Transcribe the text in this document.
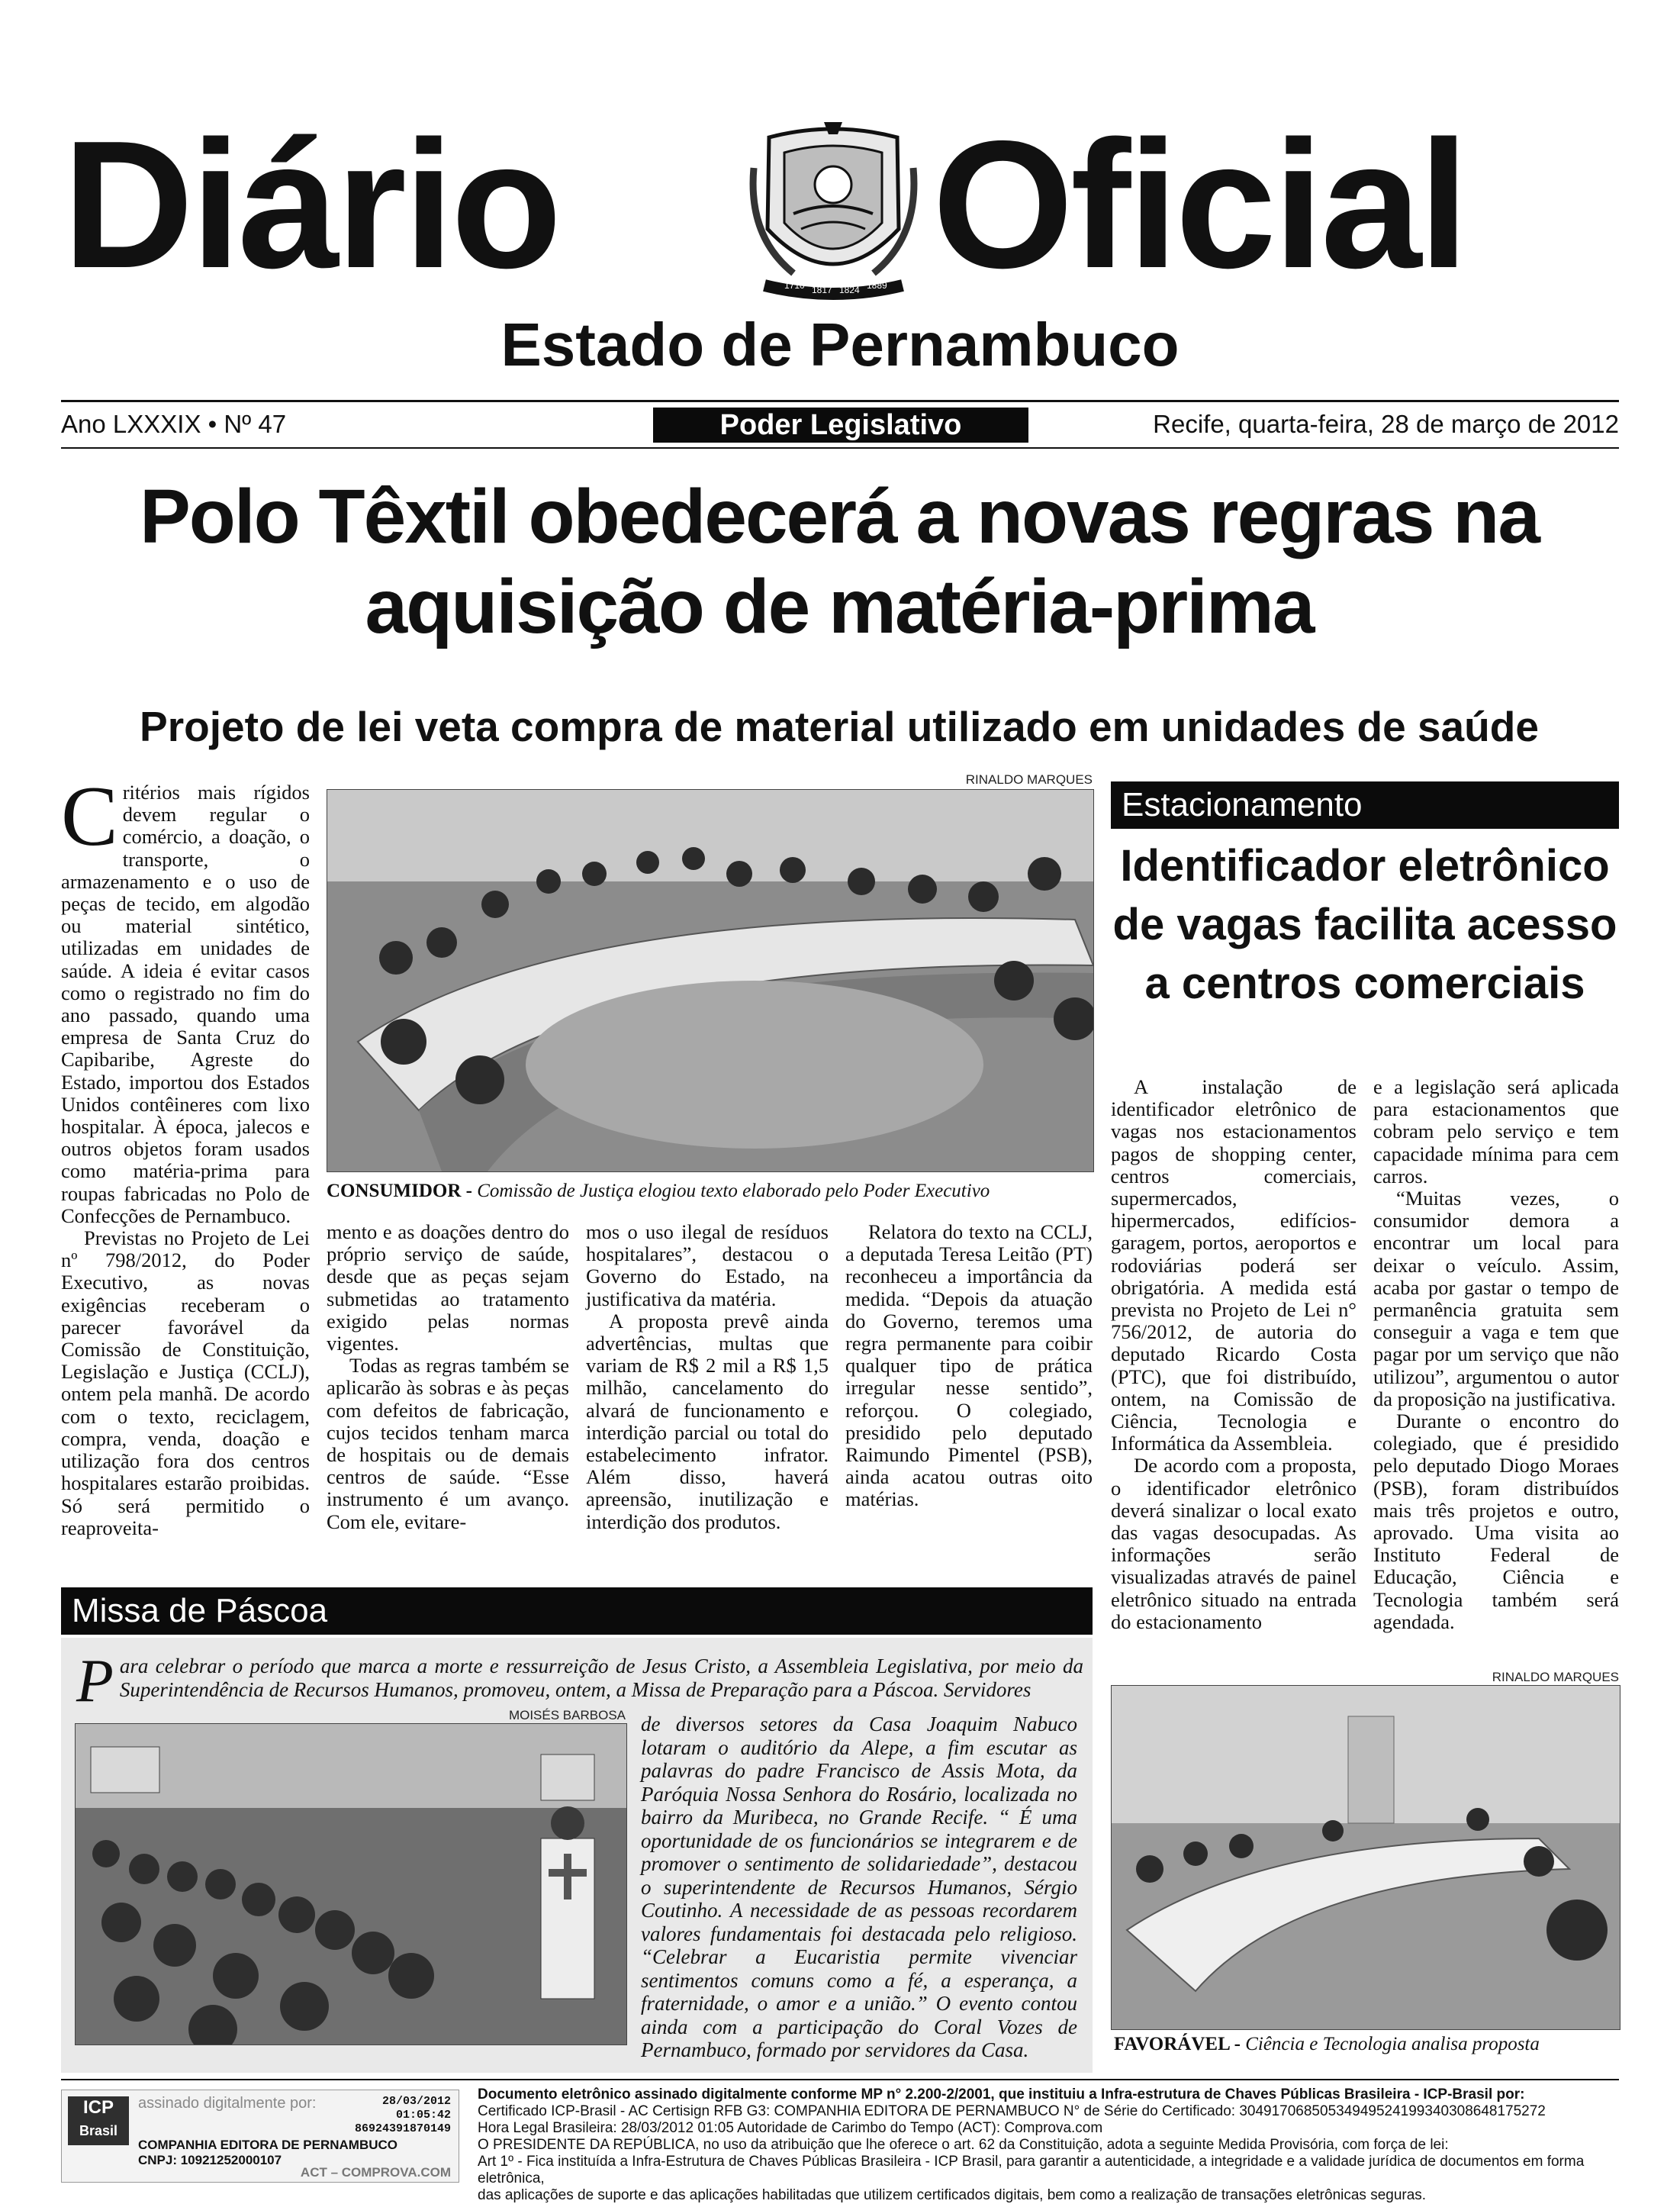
Diário Oficial
1710 1817 1824 1889
Estado de Pernambuco
Ano LXXXIX • Nº 47	Poder Legislativo	Recife, quarta-feira, 28 de março de 2012
Polo Têxtil obedecerá a novas regras na aquisição de matéria-prima
Projeto de lei veta compra de material utilizado em unidades de saúde

Critérios mais rígidos devem regular o comércio, a doação, o transporte, o armazenamento e o uso de peças de tecido, em algodão ou material sintético, utilizadas em unidades de saúde. A ideia é evitar casos como o registrado no fim do ano passado, quando uma empresa de Santa Cruz do Capibaribe, Agreste do Estado, importou dos Estados Unidos contêineres com lixo hospitalar. À época, jalecos e outros objetos foram usados como matéria-prima para roupas fabricadas no Polo de Confecções de Pernambuco.

Previstas no Projeto de Lei nº 798/2012, do Poder Executivo, as novas exigências receberam o parecer favorável da Comissão de Constituição, Legislação e Justiça (CCLJ), ontem pela manhã. De acordo com o texto, reciclagem, compra, venda, doação e utilização fora dos centros hospitalares estarão proibidas. Só será permitido o reaproveita-

RINALDO MARQUES
CONSUMIDOR - Comissão de Justiça elogiou texto elaborado pelo Poder Executivo

mento e as doações dentro do próprio serviço de saúde, desde que as peças sejam submetidas ao tratamento exigido pelas normas vigentes.

Todas as regras também se aplicarão às sobras e às peças com defeitos de fabricação, cujos tecidos tenham marca de hospitais ou de demais centros de saúde. “Esse instrumento é um avanço. Com ele, evitare-

mos o uso ilegal de resíduos hospitalares”, destacou o Governo do Estado, na justificativa da matéria.

A proposta prevê ainda advertências, multas que variam de R$ 2 mil a R$ 1,5 milhão, cancelamento do alvará de funcionamento e interdição parcial ou total do estabelecimento infrator. Além disso, haverá apreensão, inutilização e interdição dos produtos.

Relatora do texto na CCLJ, a deputada Teresa Leitão (PT) reconheceu a importância da medida. “Depois da atuação do Governo, teremos uma regra permanente para coibir qualquer tipo de prática irregular nesse sentido”, reforçou. O colegiado, presidido pelo deputado Raimundo Pimentel (PSB), ainda acatou outras oito matérias.

Estacionamento
Identificador eletrônico de vagas facilita acesso a centros comerciais

A instalação de identificador eletrônico de vagas nos estacionamentos pagos de shopping center, centros comerciais, supermercados, hipermercados, edifícios-garagem, portos, aeroportos e rodoviárias poderá ser obrigatória. A medida está prevista no Projeto de Lei n° 756/2012, de autoria do deputado Ricardo Costa (PTC), que foi distribuído, ontem, na Comissão de Ciência, Tecnologia e Informática da Assembleia.

De acordo com a proposta, o identificador eletrônico deverá sinalizar o local exato das vagas desocupadas. As informações serão visualizadas através de painel eletrônico situado na entrada do estacionamento

e a legislação será aplicada para estacionamentos que cobram pelo serviço e tem capacidade mínima para cem carros.

“Muitas vezes, o consumidor demora a encontrar um local para deixar o veículo. Assim, acaba por gastar o tempo de permanência gratuita sem conseguir a vaga e tem que pagar por um serviço que não utilizou”, argumentou o autor da proposição na justificativa.

Durante o encontro do colegiado, que é presidido pelo deputado Diogo Moraes (PSB), foram distribuídos mais três projetos e outro, aprovado. Uma visita ao Instituto Federal de Educação, Ciência e Tecnologia também será agendada.

RINALDO MARQUES
FAVORÁVEL - Ciência e Tecnologia analisa proposta
Missa de Páscoa
Para celebrar o período que marca a morte e ressurreição de Jesus Cristo, a Assembleia Legislativa, por meio da Superintendência de Recursos Humanos, promoveu, ontem, a Missa de Preparação para a Páscoa. Servidores
MOISÉS BARBOSA de diversos setores da Casa Joaquim Nabuco lotaram o auditório da Alepe, a fim escutar as palavras do padre Francisco de Assis Mota, da Paróquia Nossa Senhora do Rosário, localizada no bairro da Muribeca, no Grande Recife. “ É uma oportunidade de os funcionários se integrarem e de promover o sentimento de solidariedade”, destacou o superintendente de Recursos Humanos, Sérgio Coutinho. A necessidade de as pessoas recordarem valores fundamentais foi destacada pelo religioso. “Celebrar a Eucaristia permite vivenciar sentimentos comuns como a fé, a esperança, a fraternidade, o amor e a união.” O evento contou ainda com a participação do Coral Vozes de Pernambuco, formado por servidores da Casa.
ICP
Brasil
assinado digitalmente por:	28/03/2012
01:05:42
86924391870149
COMPANHIA EDITORA DE PERNAMBUCO
CNPJ: 10921252000107
ACT – COMPROVA.COM
Documento eletrônico assinado digitalmente conforme MP n° 2.200-2/2001, que instituiu a Infra-estrutura de Chaves Públicas Brasileira - ICP-Brasil por:
Certificado ICP-Brasil - AC Certisign RFB G3: COMPANHIA EDITORA DE PERNAMBUCO N° de Série do Certificado: 30491706850534949524199340308648175272
Hora Legal Brasileira: 28/03/2012 01:05 Autoridade de Carimbo do Tempo (ACT): Comprova.com
O PRESIDENTE DA REPÚBLICA, no uso da atribuição que lhe oferece o art. 62 da Constituição, adota a seguinte Medida Provisória, com força de lei:
Art 1º - Fica instituída a Infra-Estrutura de Chaves Públicas Brasileira - ICP Brasil, para garantir a autenticidade, a integridade e a validade jurídica de documentos em forma eletrônica,
das aplicações de suporte e das aplicações habilitadas que utilizem certificados digitais, bem como a realização de transações eletrônicas seguras.
